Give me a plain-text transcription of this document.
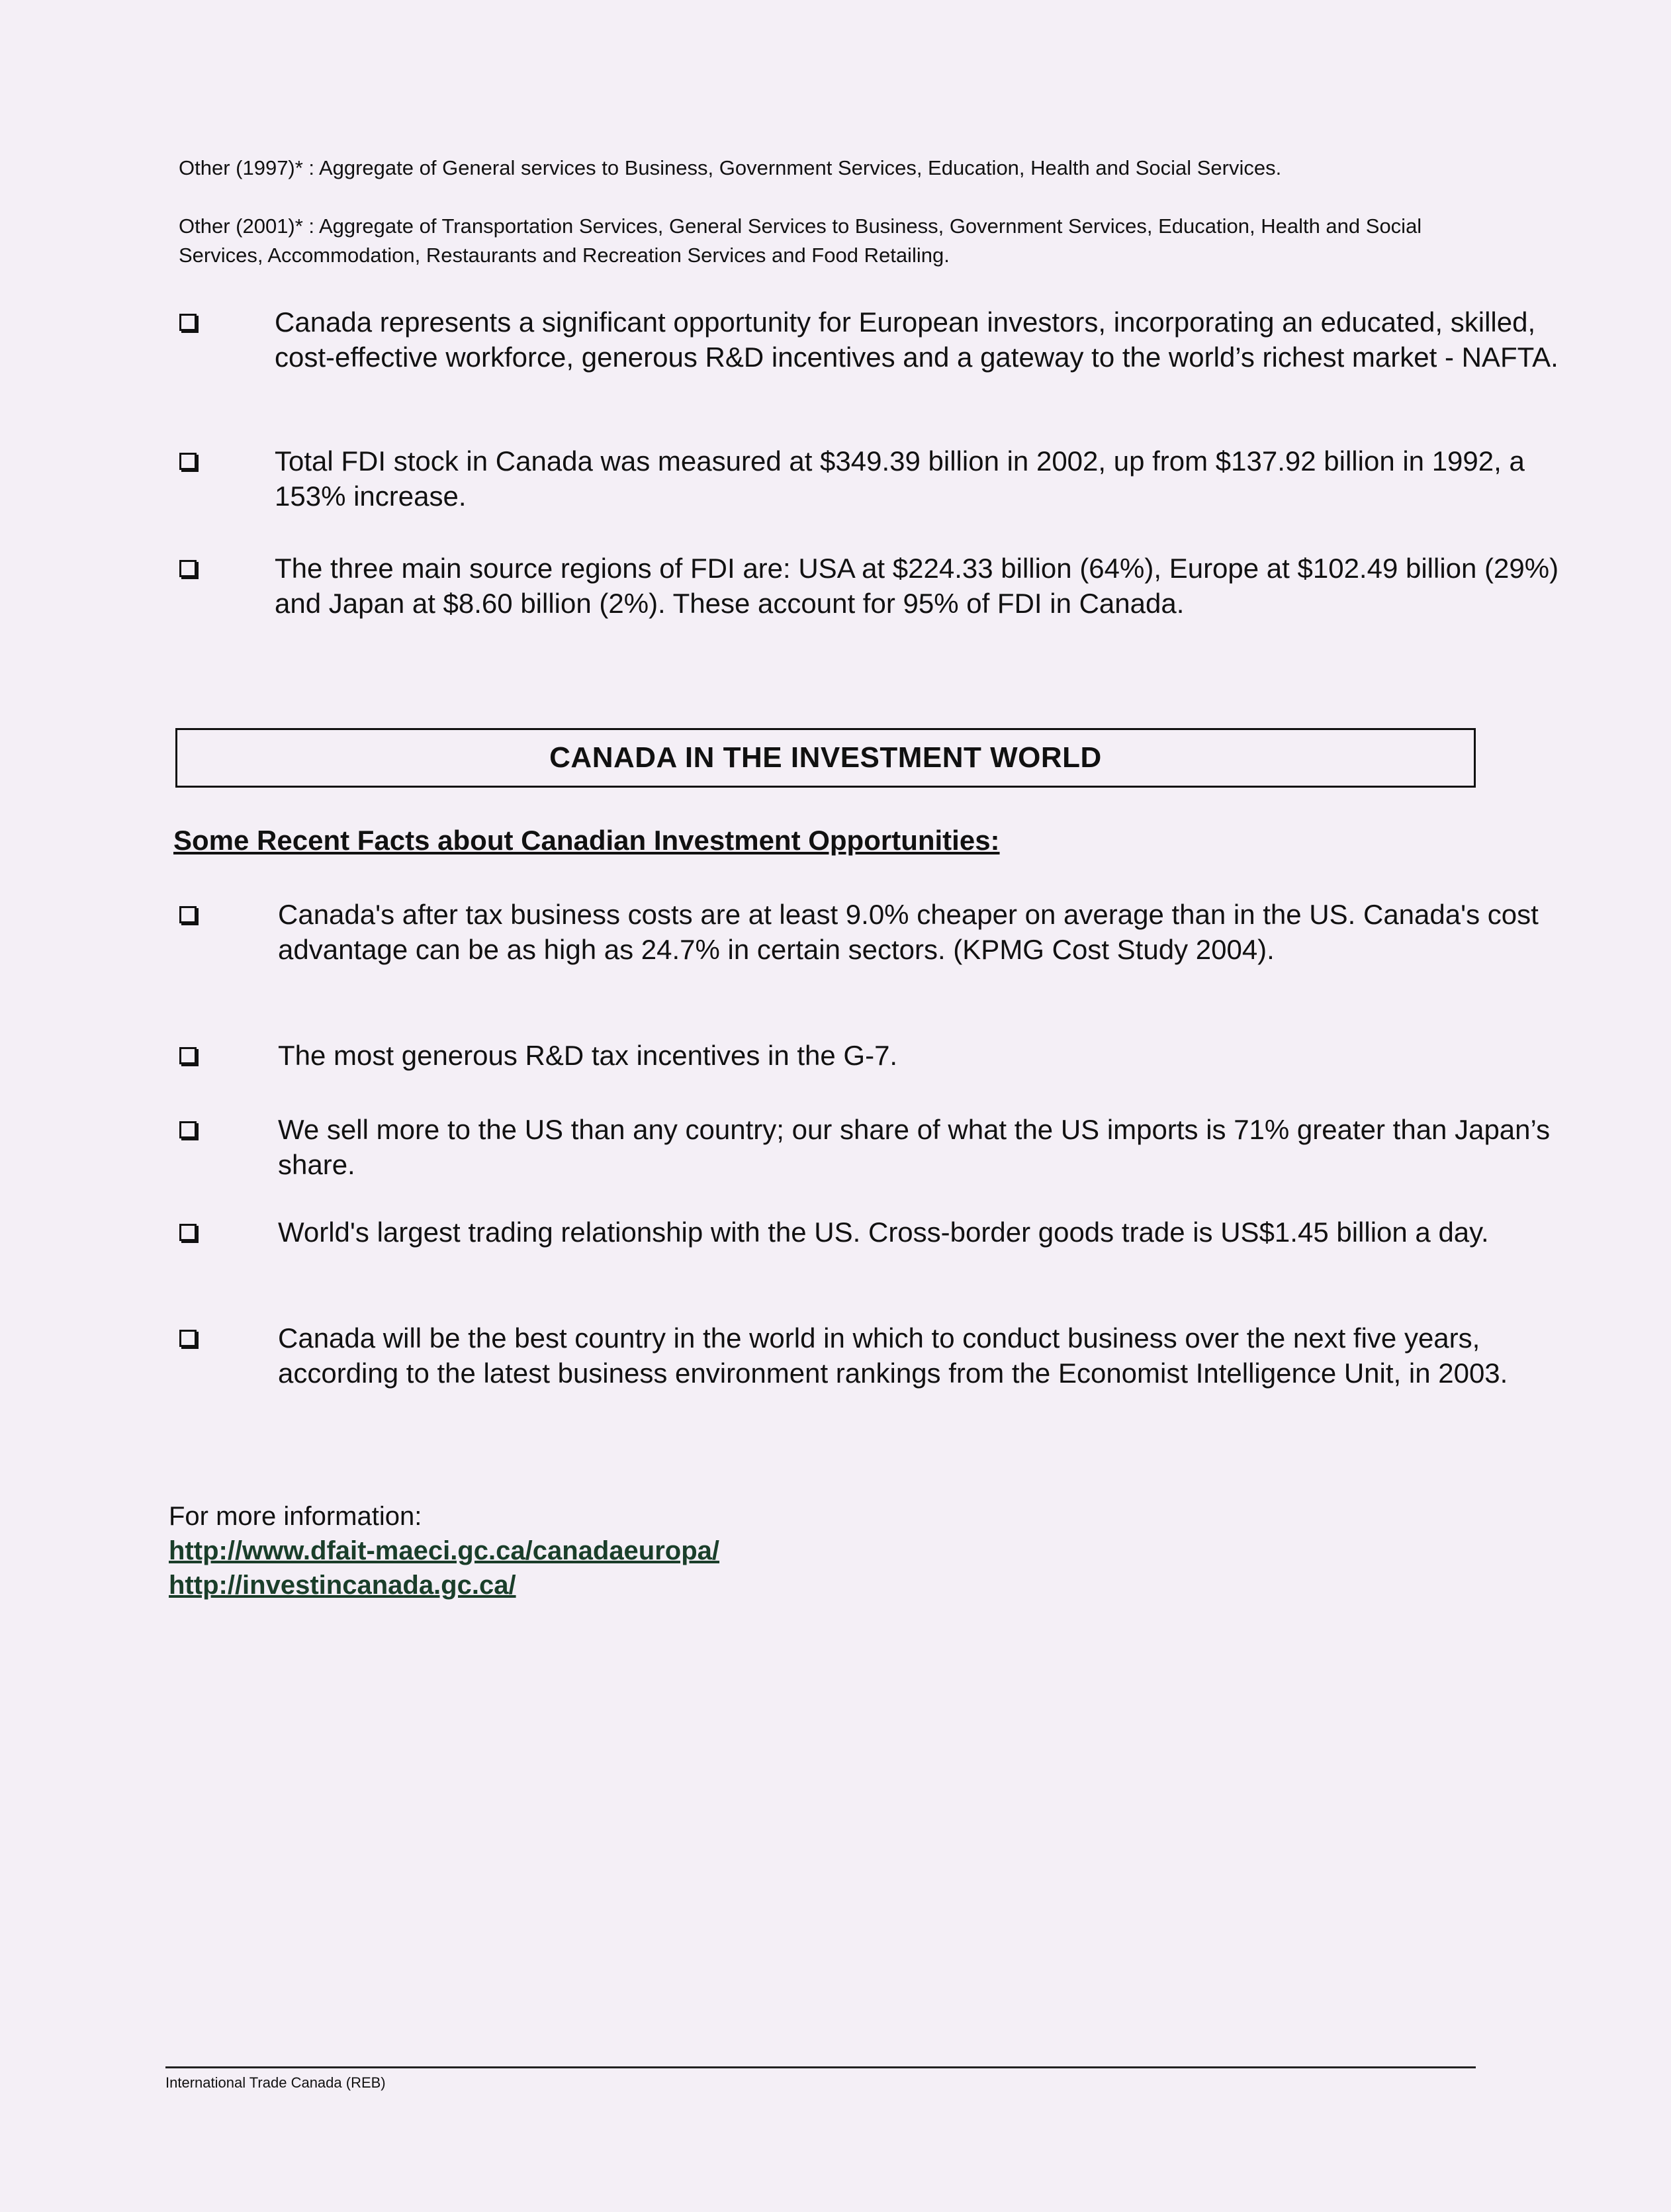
Other (1997)* : Aggregate of General services to Business, Government Services, Education, Health and Social Services.

Other (2001)* : Aggregate of Transportation Services, General Services to Business, Government Services, Education, Health and Social Services, Accommodation, Restaurants and Recreation Services and Food Retailing.

Canada represents a significant opportunity for European investors, incorporating an educated, skilled, cost-effective workforce, generous R&D incentives and a gateway to the world’s richest market - NAFTA.
Total FDI stock in Canada was measured at $349.39 billion in 2002, up from $137.92 billion in 1992, a 153% increase.
The three main source regions of FDI are: USA at $224.33 billion (64%), Europe at $102.49 billion (29%) and Japan at $8.60 billion (2%). These account for 95% of FDI in Canada.
CANADA IN THE INVESTMENT WORLD

Some Recent Facts about Canadian Investment Opportunities:

Canada's after tax business costs are at least 9.0% cheaper on average than in the US. Canada's cost advantage can be as high as 24.7% in certain sectors. (KPMG Cost Study 2004).
The most generous R&D tax incentives in the G-7.
We sell more to the US than any country; our share of what the US imports is 71% greater than Japan’s share.
World's largest trading relationship with the US. Cross-border goods trade is US$1.45 billion a day.
Canada will be the best country in the world in which to conduct business over the next five years, according to the latest business environment rankings from the Economist Intelligence Unit, in 2003.
For more information:
http://www.dfait-maeci.gc.ca/canadaeuropa/
http://investincanada.gc.ca/
International Trade Canada (REB)
